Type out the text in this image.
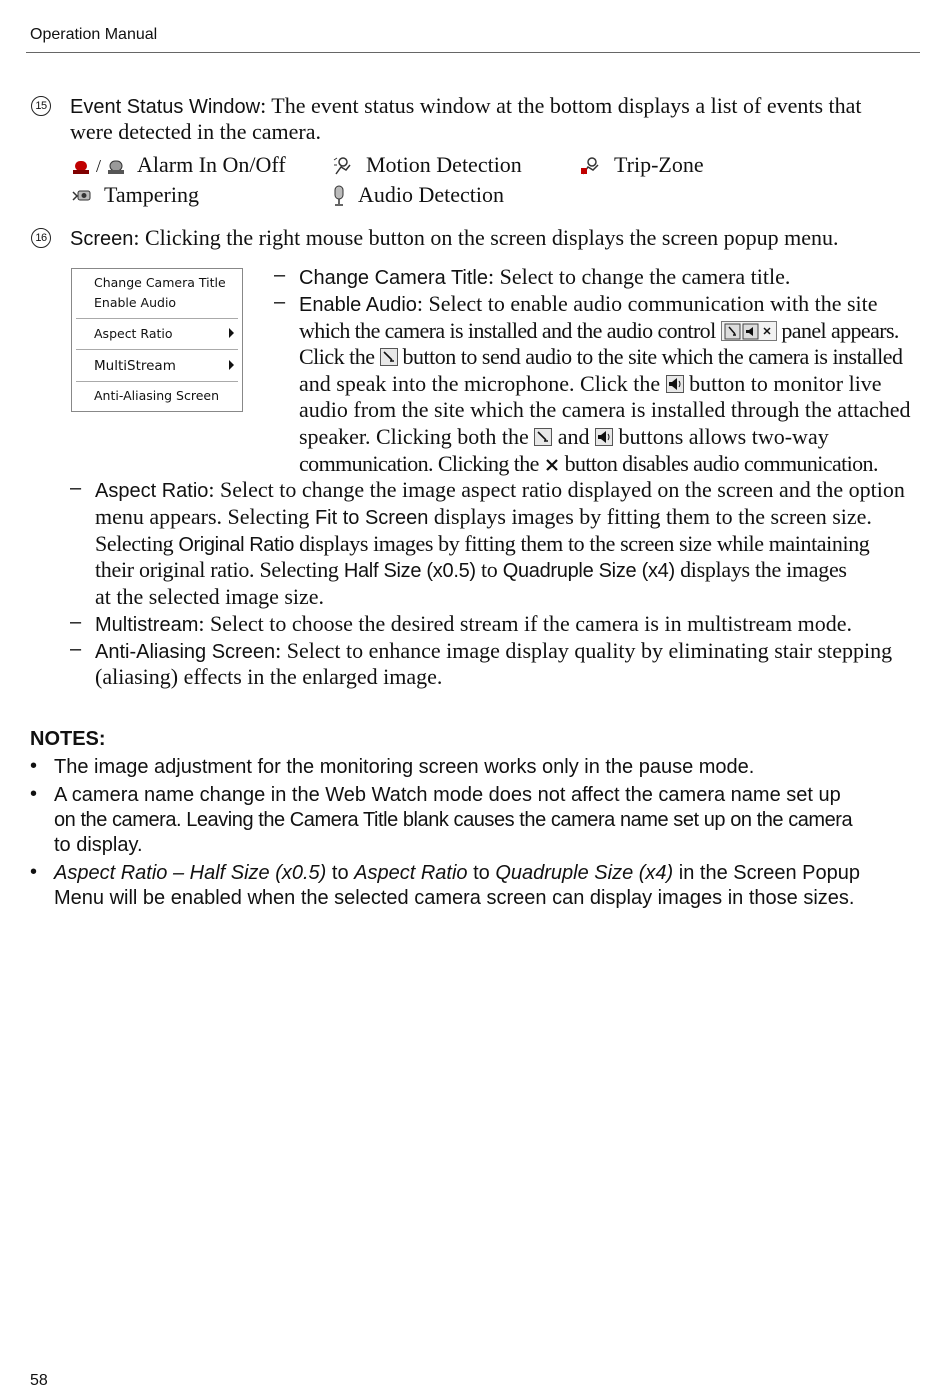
Operation Manual
15 Event Status Window: The event status window at the bottom displays a list of events that
were detected in the camera.
/ Alarm In On/Off	Motion Detection	Trip-Zone
Tampering	Audio Detection
16 Screen: Clicking the right mouse button on the screen displays the screen popup menu.
Change Camera Title
Enable Audio
Aspect Ratio
MultiStream
Anti-Aliasing Screen
– Change Camera Title: Select to change the camera title.
– Enable Audio: Select to enable audio communication with the site
which the camera is installed and the audio control	panel appears.
Click the button to send audio to the site which the camera is installed
and speak into the microphone. Click the button to monitor live
audio from the site which the camera is installed through the attached
speaker. Clicking both the and buttons allows two-way
communication. Clicking the button disables audio communication.
– Aspect Ratio: Select to change the image aspect ratio displayed on the screen and the option
menu appears. Selecting Fit to Screen displays images by fitting them to the screen size.
Selecting Original Ratio displays images by fitting them to the screen size while maintaining
their original ratio. Selecting Half Size (x0.5) to Quadruple Size (x4) displays the images
at the selected image size.
– Multistream: Select to choose the desired stream if the camera is in multistream mode.
– Anti-Aliasing Screen: Select to enhance image display quality by eliminating stair stepping
(aliasing) effects in the enlarged image.
NOTES:
• The image adjustment for the monitoring screen works only in the pause mode.
• A camera name change in the Web Watch mode does not affect the camera name set up
on the camera. Leaving the Camera Title blank causes the camera name set up on the camera
to display.
• Aspect Ratio – Half Size (x0.5) to Aspect Ratio to Quadruple Size (x4) in the Screen Popup
Menu will be enabled when the selected camera screen can display images in those sizes.
58
